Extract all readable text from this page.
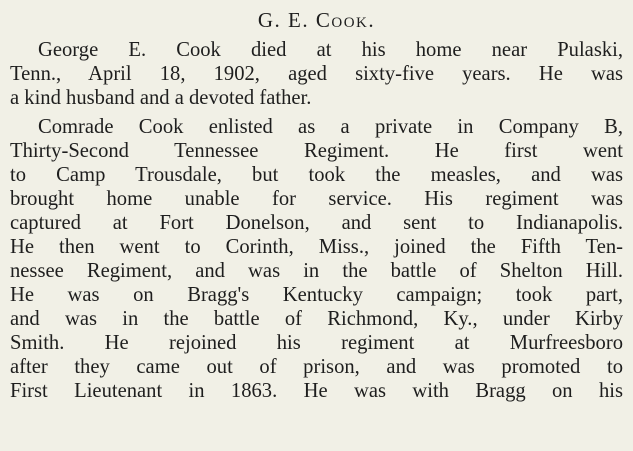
G. E. Cook.
George E. Cook died at his home near Pulaski,
Tenn., April 18, 1902, aged sixty-five years. He was
a kind husband and a devoted father.
Comrade Cook enlisted as a private in Company B,
Thirty-Second Tennessee Regiment. He first went
to Camp Trousdale, but took the measles, and was
brought home unable for service. His regiment was
captured at Fort Donelson, and sent to Indianapolis.
He then went to Corinth, Miss., joined the Fifth Ten-
nessee Regiment, and was in the battle of Shelton Hill.
He was on Bragg's Kentucky campaign; took part,
and was in the battle of Richmond, Ky., under Kirby
Smith. He rejoined his regiment at Murfreesboro
after they came out of prison, and was promoted to
First Lieutenant in 1863. He was with Bragg on his
